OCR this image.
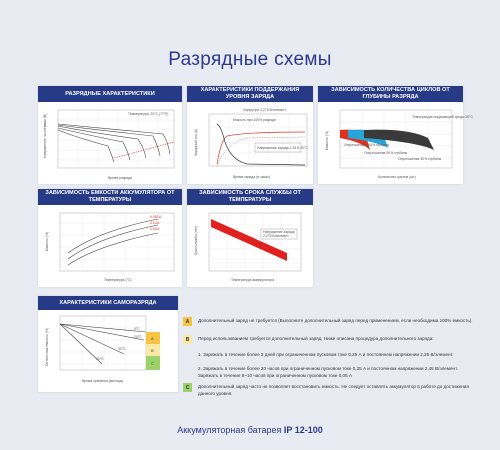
Разрядные схемы
РАЗРЯДНЫЕ ХАРАКТЕРИСТИКИ
Температура: 20°С (77°F)
Время разряда
Напряжение на клеммах (В)
ХАРАКТЕРИСТИКИ ПОДДЕРЖАНИЯ УРОВНЯ ЗАРЯДА
Заряд при 2,275 В/элемент
Емкость при 100% разряде
Напряжение заряда 2,25 В 20°С
Время заряда (в часах)
Зарядный ток (А)
ЗАВИСИМОСТЬ КОЛИЧЕСТВА ЦИКЛОВ ОТ ГЛУБИНЫ РАЗРЯДА
Опустошение 100% глубины
Опустошение 50% глубины
Опустошение 30% глубины
Температура окружающей среды 20°С
Количество циклов (шт)
Емкость (%)
ЗАВИСИМОСТЬ ЕМКОСТИ АККУМУЛЯТОРА ОТ ТЕМПЕРАТУРЫ
0.05CA
0.1CA
0.5CA
Температура (°С)
Емкость (%)
ЗАВИСИМОСТЬ СРОКА СЛУЖБЫ ОТ ТЕМПЕРАТУРЫ
Напряжение заряда
2,275 В/элемент
Температура аккумулятора
Срок службы (лет)
ХАРАКТЕРИСТИКИ САМОРАЗРЯДА
A
B
C
0°С
20°С
30°С
40°С
Время хранения (месяцы)
Остаточная емкость (%)
A	Дополнительный заряд не требуется (Выполните дополнительный заряд перед применением, если необходима 100% емкость).
B	Перед использованием требуется дополнительный заряд. Ниже описана процедура дополнительного заряда:
1. Заряжать в течение более 3 дней при ограниченном пусковом токе 0,25 А и постоянном напряжении 2,25 В/элемент.
2. Заряжать в течение более 20 часов при ограниченном пусковом токе 0,25 А и постоянном напряжении 2,45 В/элемент. Заряжать в течение 8~10 часов при ограниченном пусковом токе 0,05 А
C	Дополнительный заряд часто не позволяет восстановить емкость. Не следует оставлять аккумулятор в работе до достижения данного уровня.
Аккумуляторная батарея IP 12-100
